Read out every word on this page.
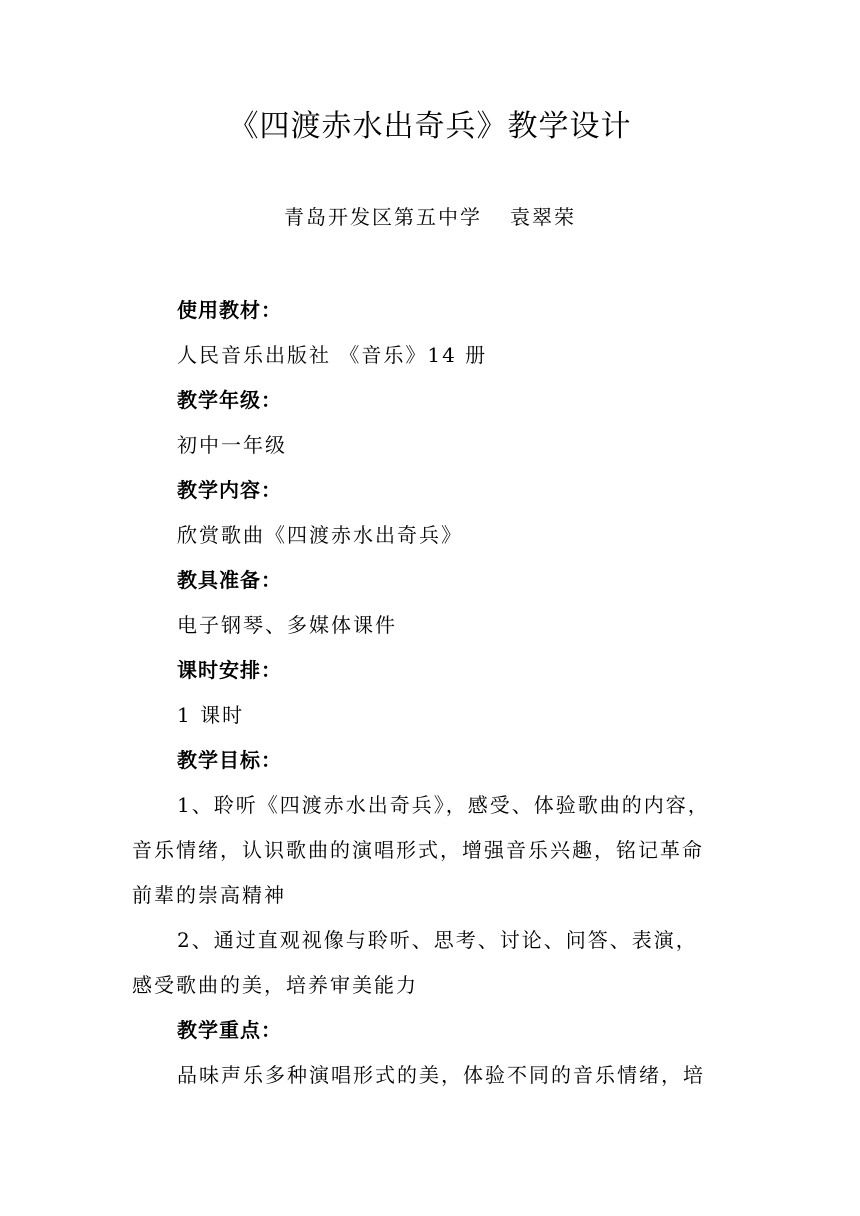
《四渡赤水出奇兵》教学设计
青岛开发区第五中学 袁翠荣
使用教材：
人民音乐出版社 《音乐》14 册
教学年级：
初中一年级
教学内容：
欣赏歌曲《四渡赤水出奇兵》
教具准备：
电子钢琴、多媒体课件
课时安排：
1 课时
教学目标：
1、聆听《四渡赤水出奇兵》，感受、体验歌曲的内容，
音乐情绪，认识歌曲的演唱形式，增强音乐兴趣，铭记革命
前辈的崇高精神
2、通过直观视像与聆听、思考、讨论、问答、表演，
感受歌曲的美，培养审美能力
教学重点：
品味声乐多种演唱形式的美，体验不同的音乐情绪，培
